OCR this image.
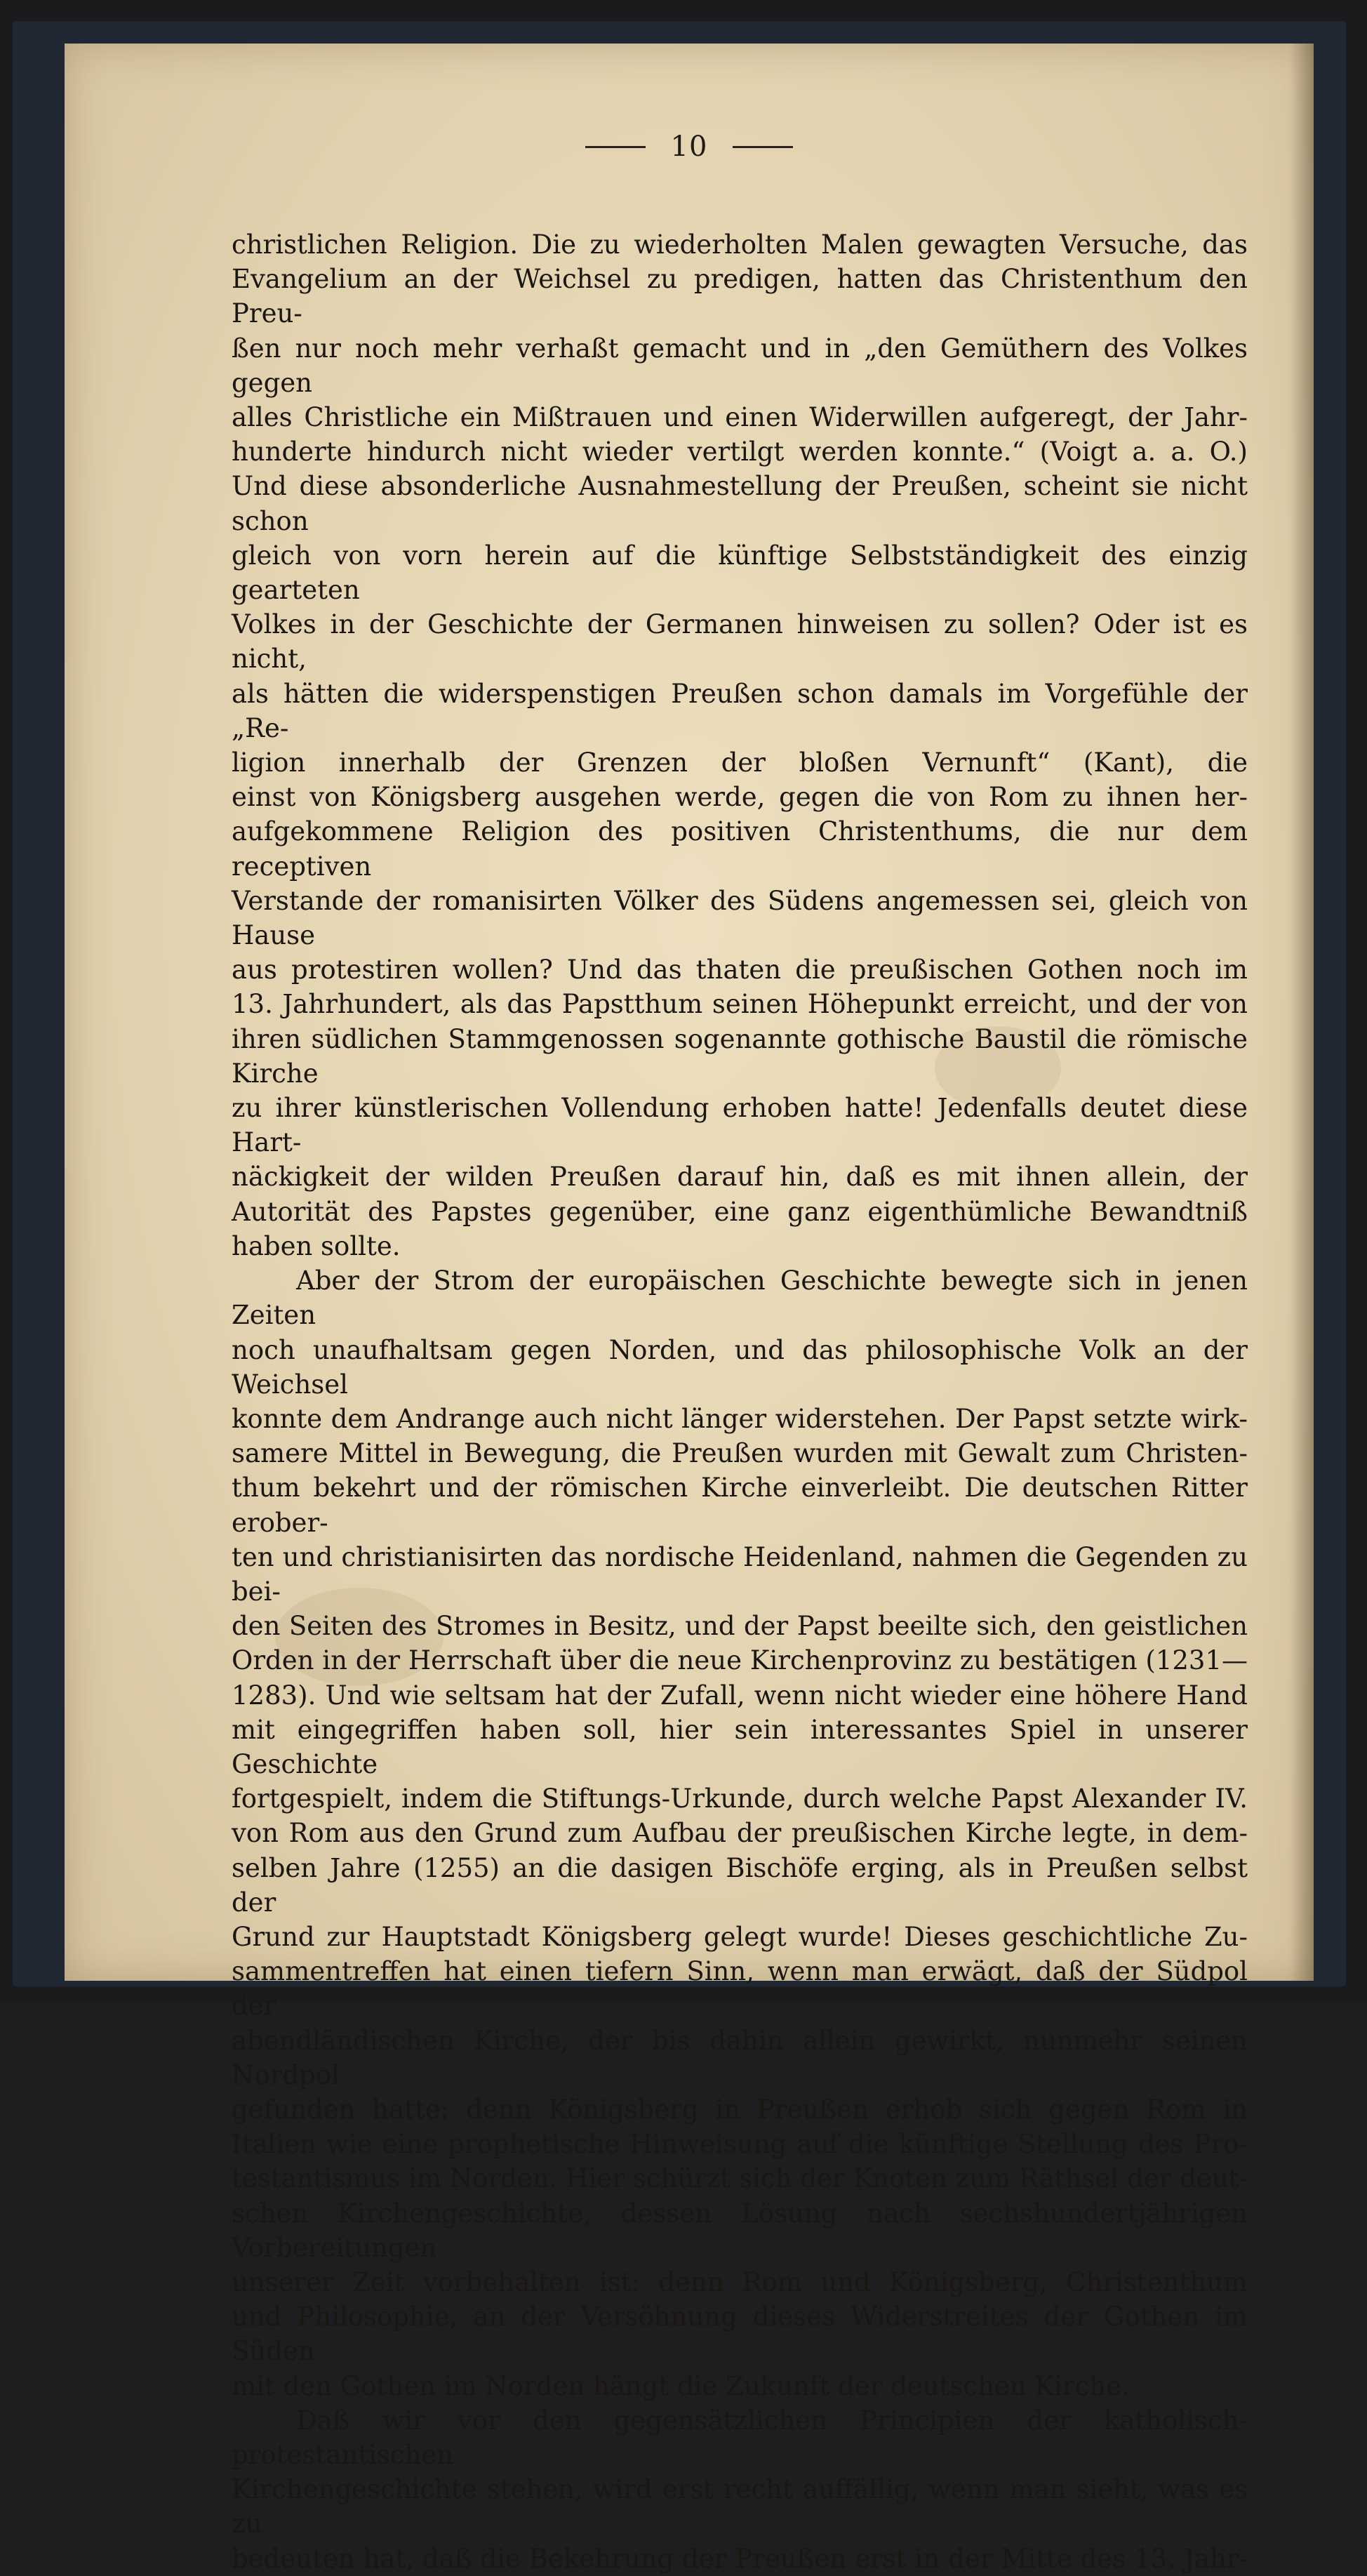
10
christlichen Religion. Die zu wiederholten Malen gewagten Versuche, das
Evangelium an der Weichsel zu predigen, hatten das Christenthum den Preu-
ßen nur noch mehr verhaßt gemacht und in „den Gemüthern des Volkes gegen
alles Christliche ein Mißtrauen und einen Widerwillen aufgeregt, der Jahr-
hunderte hindurch nicht wieder vertilgt werden konnte.“ (Voigt a. a. O.)
Und diese absonderliche Ausnahmestellung der Preußen, scheint sie nicht schon
gleich von vorn herein auf die künftige Selbstständigkeit des einzig gearteten
Volkes in der Geschichte der Germanen hinweisen zu sollen? Oder ist es nicht,
als hätten die widerspenstigen Preußen schon damals im Vorgefühle der „Re-
ligion innerhalb der Grenzen der bloßen Vernunft“ (Kant), die
einst von Königsberg ausgehen werde, gegen die von Rom zu ihnen her-
aufgekommene Religion des positiven Christenthums, die nur dem receptiven
Verstande der romanisirten Völker des Südens angemessen sei, gleich von Hause
aus protestiren wollen? Und das thaten die preußischen Gothen noch im
13. Jahrhundert, als das Papstthum seinen Höhepunkt erreicht, und der von
ihren südlichen Stammgenossen sogenannte gothische Baustil die römische Kirche
zu ihrer künstlerischen Vollendung erhoben hatte! Jedenfalls deutet diese Hart-
näckigkeit der wilden Preußen darauf hin, daß es mit ihnen allein, der
Autorität des Papstes gegenüber, eine ganz eigenthümliche Bewandtniß haben sollte.
Aber der Strom der europäischen Geschichte bewegte sich in jenen Zeiten
noch unaufhaltsam gegen Norden, und das philosophische Volk an der Weichsel
konnte dem Andrange auch nicht länger widerstehen. Der Papst setzte wirk-
samere Mittel in Bewegung, die Preußen wurden mit Gewalt zum Christen-
thum bekehrt und der römischen Kirche einverleibt. Die deutschen Ritter erober-
ten und christianisirten das nordische Heidenland, nahmen die Gegenden zu bei-
den Seiten des Stromes in Besitz, und der Papst beeilte sich, den geistlichen
Orden in der Herrschaft über die neue Kirchenprovinz zu bestätigen (1231—
1283). Und wie seltsam hat der Zufall, wenn nicht wieder eine höhere Hand
mit eingegriffen haben soll, hier sein interessantes Spiel in unserer Geschichte
fortgespielt, indem die Stiftungs-Urkunde, durch welche Papst Alexander IV.
von Rom aus den Grund zum Aufbau der preußischen Kirche legte, in dem-
selben Jahre (1255) an die dasigen Bischöfe erging, als in Preußen selbst der
Grund zur Hauptstadt Königsberg gelegt wurde! Dieses geschichtliche Zu-
sammentreffen hat einen tiefern Sinn, wenn man erwägt, daß der Südpol der
abendländischen Kirche, der bis dahin allein gewirkt, nunmehr seinen Nordpol
gefunden hatte: denn Königsberg in Preußen erhob sich gegen Rom in
Italien wie eine prophetische Hinweisung auf die künftige Stellung des Pro-
testantismus im Norden. Hier schürzt sich der Knoten zum Räthsel der deut-
schen Kirchengeschichte, dessen Lösung nach sechshundertjährigen Vorbereitungen
unserer Zeit vorbehalten ist: denn Rom und Königsberg, Christenthum
und Philosophie, an der Versöhnung dieses Widerstreites der Gothen im Süden
mit den Gothen im Norden hängt die Zukunft der deutschen Kirche.
Daß wir vor den gegensätzlichen Principien der katholisch-protestantischen
Kirchengeschichte stehen, wird erst recht auffällig, wenn man sieht, was es zu
bedeuten hat, daß die Bekehrung der Preußen erst in der Mitte des 13. Jahr-
